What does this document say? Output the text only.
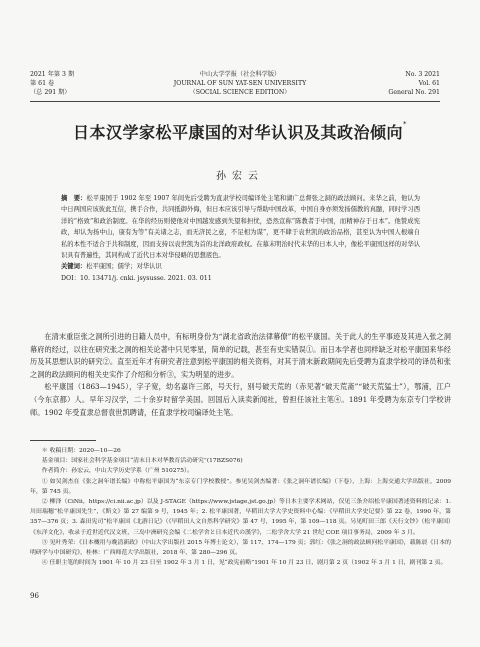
2021 年第 3 期
第 61 卷
（总 291 期）
中山大学学报（社会科学版）
JOURNAL OF SUN YAT-SEN UNIVERSITY
（SOCIAL SCIENCE EDITION）
No. 3 2021
Vol. 61
General No. 291
日本汉学家松平康国的对华认识及其政治倾向*
孙宏云

摘　要：松平康国于 1902 年至 1907 年间先后受聘为直隶学校司编译处主笔和湖广总督张之洞的政法顾问。来华之前，他认为中日两国应该彼此互信，携手合作，共同抵御外侮，但日本应该引导与帮助中国改革，中国自身亦须发扬儒教的真髓，同时学习西洋的“格致”和政治制度。在华的经历则使他对中国越发感到失望和担忧，恐然宣称“陈教者于中国，而精神存于日本”。他赞成宪政，却认为扬中山，康有为等“有关诸之志，而无济民之意，不足相为谋”，更不肆于袁世凯的政治品格，甚至认为中国人根端自私的本性不适合于共和制度，因而支持以袁世凯为首的北洋政府政权。在慕末明治时代末华的日本人中，像松平康国这样的对华认识具有普遍性，其同构成了近代日本对华侵略的思想底色。

关键词：松平康国；儒学；对华认识

DOI：10. 13471/j. cnki. jsysusse. 2021. 03. 011

在清末重臣张之洞所引进的日籍人员中，有标明身份为“湖北省政治法律幕僚”的松平康国。关于此人的生平事迹及其进入张之洞幕府的经过，以往在研究张之洞的相关论著中只见零星，简单的记载，甚至有史实错误①。而日本学者也同样缺乏对松平康国来华经历及其思想认识的研究②。直至近年才有研究者注意到松平康国的相关资料，对其于清末新政期间先后受聘为直隶学校司的译员和张之洞的政法顾问的相关史实作了介绍和分析③，实为明显的进步。

松平康国（1863—1945），字子宽，幼名嘉许三郎，号天行，别号破天荒的（赤见著“破天荒斋”“破天荒猛士”），鄂浦，江户（今东京都）人。早年习汉学，二十余岁时留学美国。回国后入读卖新闻社，曾担任该社主笔④。1891 年受聘为东京专门学校讲师。1902 年受直隶总督袁世凯聘请，任直隶学校司编译处主笔。

＊ 收稿日期：2020—10—26

基金项目：国家社会科学基金项目“清末日本对华教育活动研究”(17BZS076)

作者简介：孙宏云，中山大学历史学系（广州 510275）。

① 如吴剑杰在《张之洞年谱长编》中称松平康国为“东京专门学校教授”。参见吴剑杰编著：《张之洞年谱长编》（下卷），上海：上海交通大学出版社，2009 年，第 745 页。

② 柳泽（CiNii，https://ci.nii.ac.jp）以及 J-STAGE（https://www.jstage.jst.go.jp）等日本主要学术网站，仅见三条介绍松平康国著述资料的记录：1. 川田瑞穗“松平康国先生”，《斯文》第 27 编第 9 号，1945 年；2. 松平康国著，早稻田大学大学史资料中心编：《早稻田大学史记要》第 22 卷，1990 年，第 357—376 页；3. 森田宪司“松平康国《北游日记》（《早稻田人文自然科学研究》第 47 号，1995 年，第 109—118 页。另见町田三郎《天行文钞》（松平康国）《东洋文化》，收录于近世近代汉文班，三岛中洲研究会编《二松学舍と日本近代の漢学》，二松学舍大学 21 世纪 COE 项目事务局，2009 年 3 月。

③ 见叶秀荣：《日本概用与晚清新政》（中山大学出版社 2015 年博士论文），第 117、174—179 页；郭红：《张之洞的政法顾问松平康国》，载陈晨《日本的明研学与中国研究》，桂林：广西师范大学出版社，2018 年，第 280—296 页。

④ 任职主笔的时间为 1901 年 10 月 23 日至 1902 年 3 月 1 日，见“政宪前略”1901 年 10 月 23 日、剧月第 2 页（1902 年 3 月 1 日，剧刊第 2 页。

96
